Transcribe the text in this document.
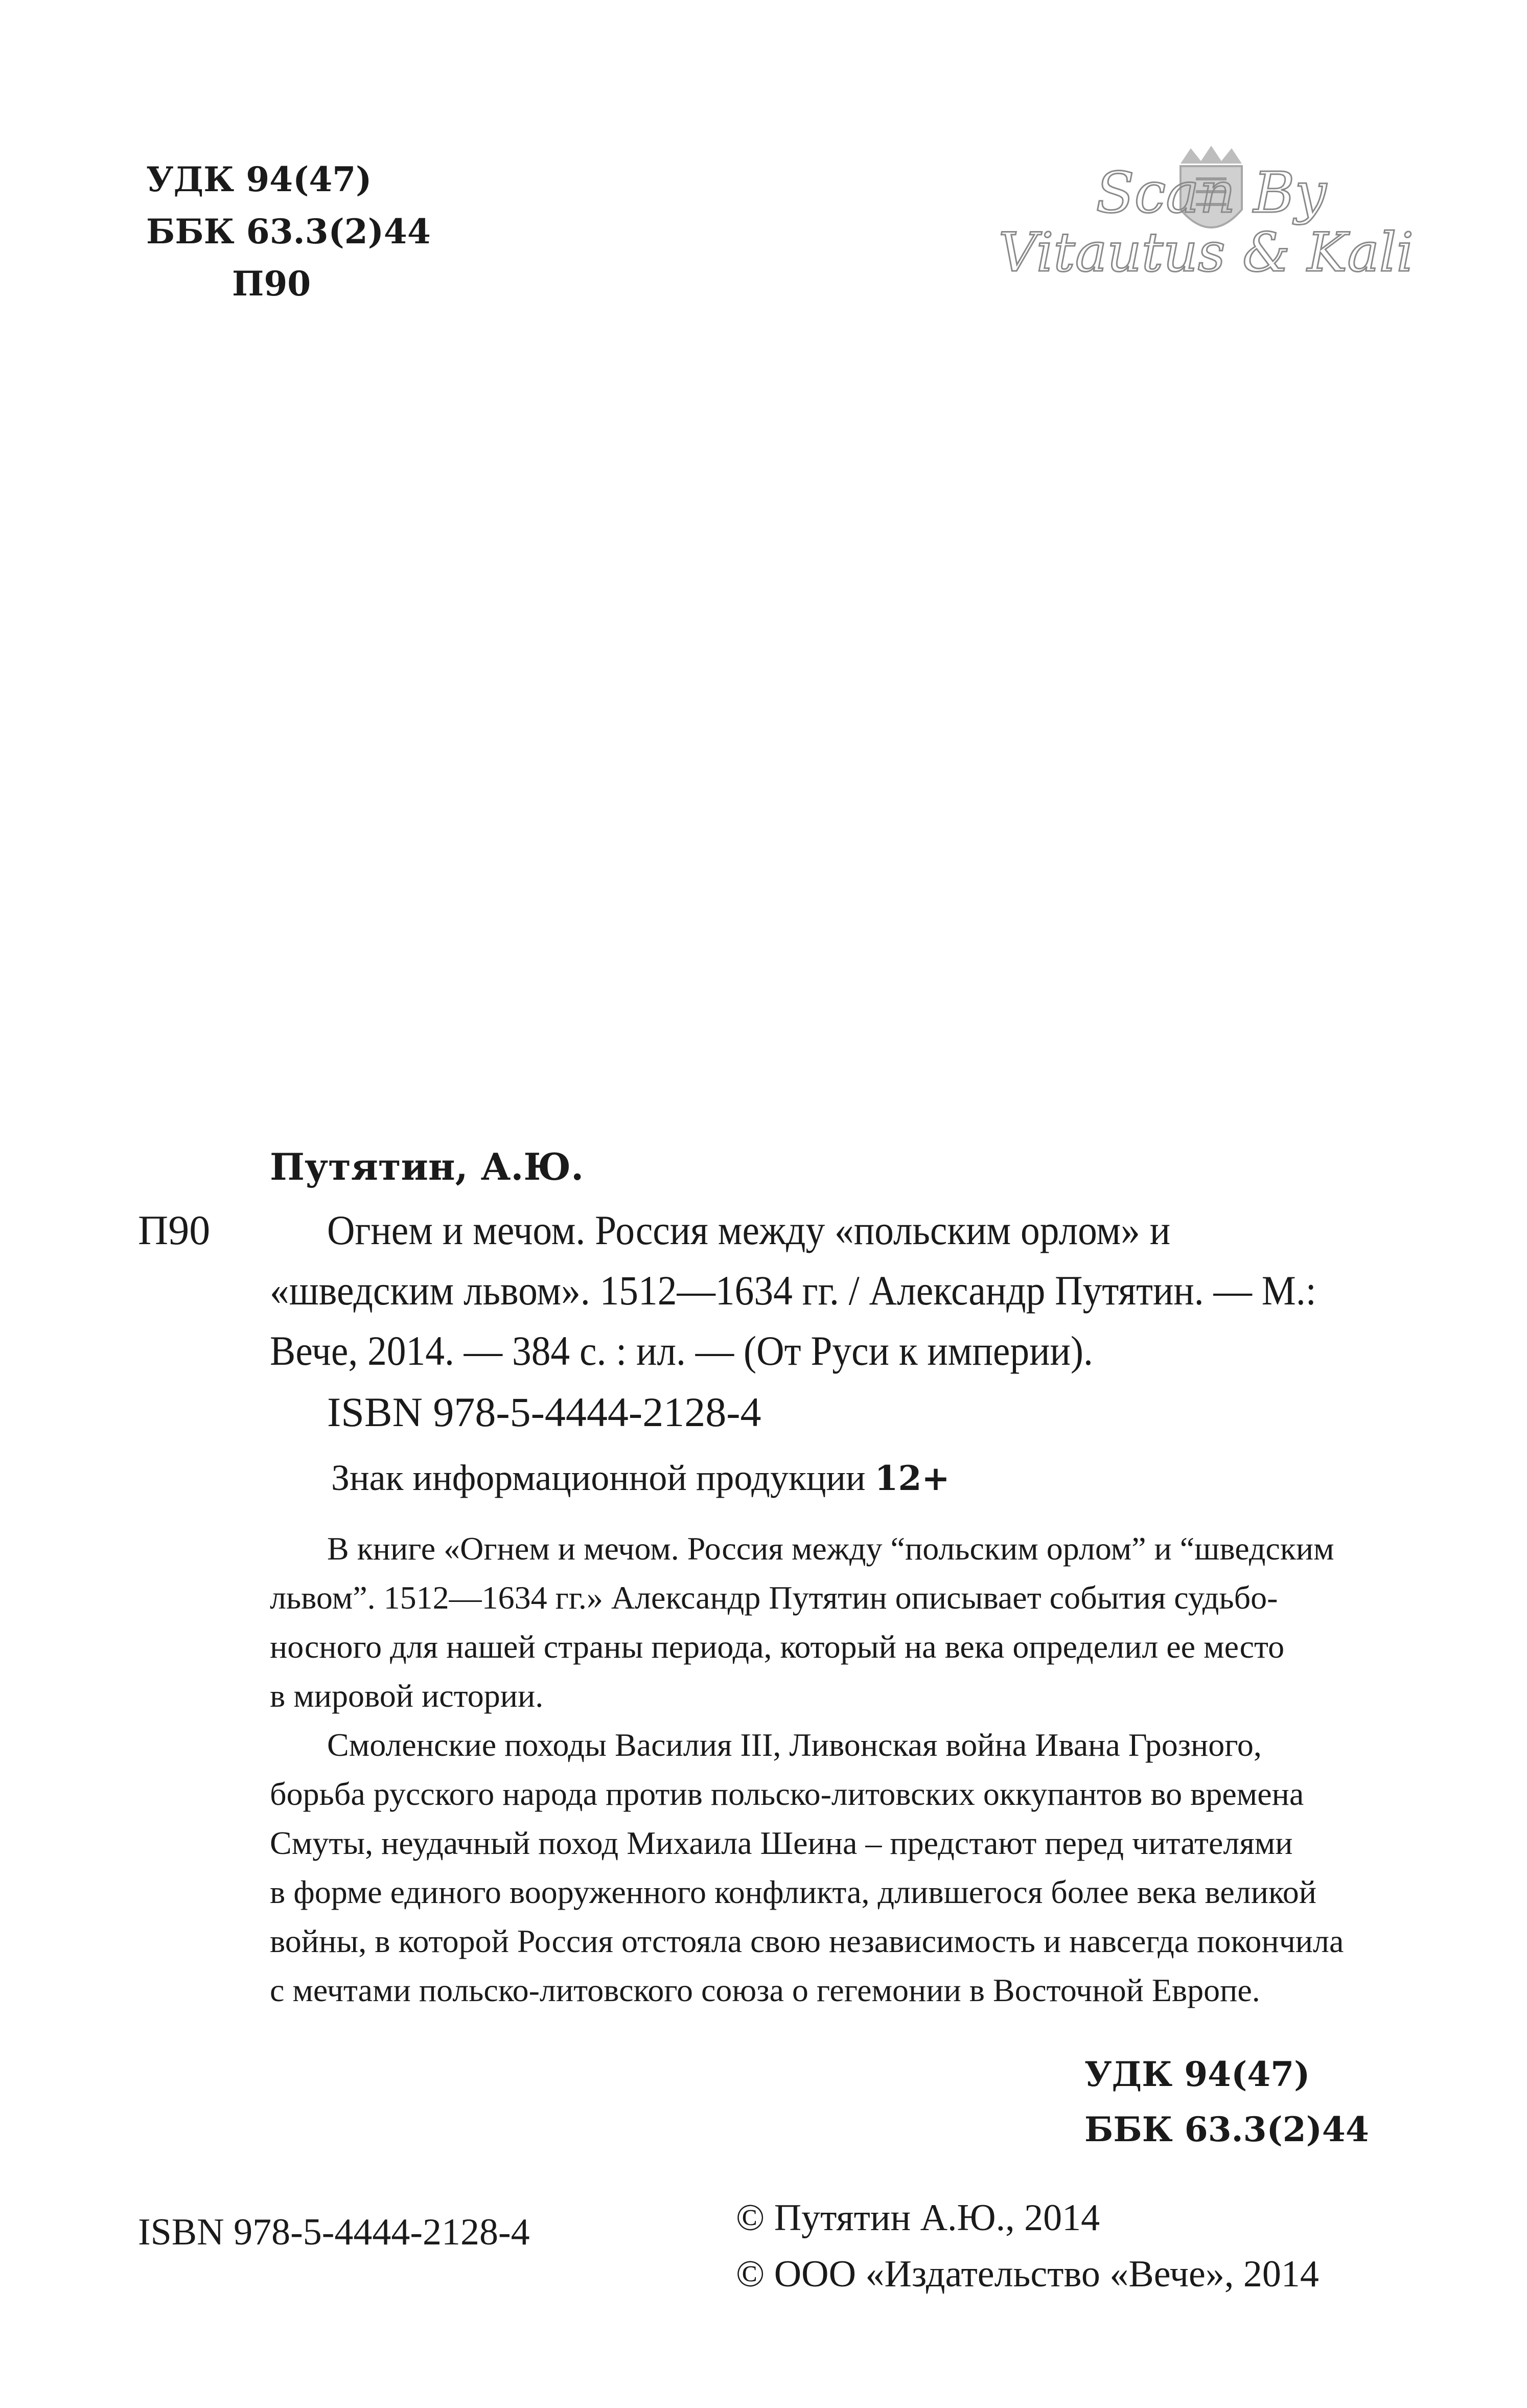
УДК 94(47)
ББК 63.3(2)44
П90
Scan By
Vitautus & Kali
Путятин, А.Ю.
П90	Огнем и мечом. Россия между «польским орлом» и
«шведским львом». 1512—1634 гг. / Александр Путятин. — М.:
Вече, 2014. — 384 с. : ил. — (От Руси к империи).
ISBN 978-5-4444-2128-4
Знак информационной продукции 12+
В книге «Огнем и мечом. Россия между “польским орлом” и “шведским
львом”. 1512—1634 гг.» Александр Путятин описывает события судьбо-
носного для нашей страны периода, который на века определил ее место
в мировой истории.
Смоленские походы Василия III, Ливонская война Ивана Грозного,
борьба русского народа против польско-литовских оккупантов во времена
Смуты, неудачный поход Михаила Шеина – предстают перед читателями
в форме единого вооруженного конфликта, длившегося более века великой
войны, в которой Россия отстояла свою независимость и навсегда покончила
с мечтами польско-литовского союза о гегемонии в Восточной Европе.
УДК 94(47)
ББК 63.3(2)44
ISBN 978-5-4444-2128-4	© Путятин А.Ю., 2014
© ООО «Издательство «Вече», 2014
